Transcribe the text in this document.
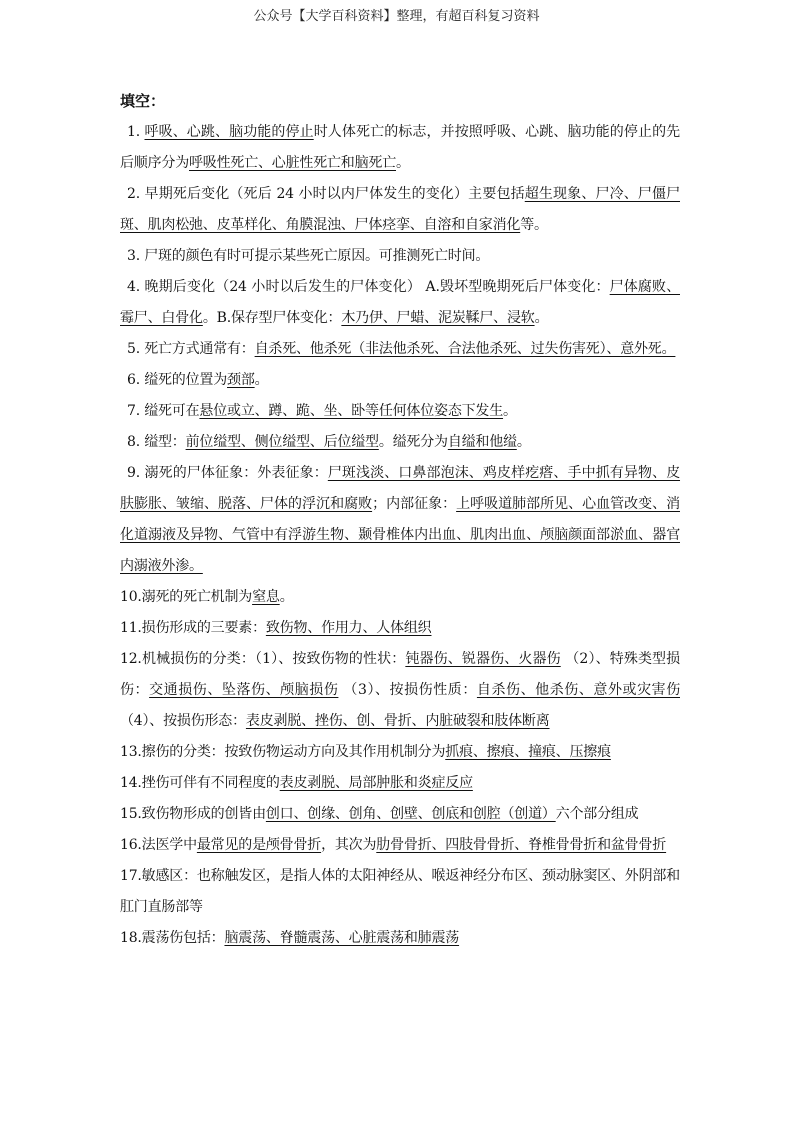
公众号【大学百科资料】整理，有超百科复习资料
填空：

1. 呼吸、心跳、脑功能的停止时人体死亡的标志，并按照呼吸、心跳、脑功能的停止的先后顺序分为呼吸性死亡、心脏性死亡和脑死亡。

2. 早期死后变化（死后 24 小时以内尸体发生的变化）主要包括超生现象、尸冷、尸僵尸斑、肌肉松弛、皮革样化、角膜混浊、尸体痉挛、自溶和自家消化等。

3. 尸斑的颜色有时可提示某些死亡原因。可推测死亡时间。

4. 晚期后变化（24 小时以后发生的尸体变化） A.毁坏型晚期死后尸体变化：尸体腐败、霉尸、白骨化。B.保存型尸体变化：木乃伊、尸蜡、泥炭鞣尸、浸软。

5. 死亡方式通常有：自杀死、他杀死（非法他杀死、合法他杀死、过失伤害死）、意外死。

6. 缢死的位置为颈部。

7. 缢死可在悬位或立、蹲、跪、坐、卧等任何体位姿态下发生。

8. 缢型：前位缢型、侧位缢型、后位缢型。缢死分为自缢和他缢。

9. 溺死的尸体征象：外表征象：尸斑浅淡、口鼻部泡沫、鸡皮样疙瘩、手中抓有异物、皮肤膨胀、皱缩、脱落、尸体的浮沉和腐败；内部征象：上呼吸道肺部所见、心血管改变、消化道溺液及异物、气管中有浮游生物、颞骨椎体内出血、肌肉出血、颅脑颜面部淤血、器官内溺液外渗。

10.溺死的死亡机制为窒息。

11.损伤形成的三要素：致伤物、作用力、人体组织

12.机械损伤的分类：（1）、按致伤物的性状：钝器伤、锐器伤、火器伤 （2）、特殊类型损伤：交通损伤、坠落伤、颅脑损伤 （3）、按损伤性质：自杀伤、他杀伤、意外或灾害伤 （4）、按损伤形态：表皮剥脱、挫伤、创、骨折、内脏破裂和肢体断离

13.擦伤的分类：按致伤物运动方向及其作用机制分为抓痕、擦痕、撞痕、压擦痕

14.挫伤可伴有不同程度的表皮剥脱、局部肿胀和炎症反应

15.致伤物形成的创皆由创口、创缘、创角、创壁、创底和创腔（创道）六个部分组成

16.法医学中最常见的是颅骨骨折，其次为肋骨骨折、四肢骨骨折、脊椎骨骨折和盆骨骨折

17.敏感区：也称触发区，是指人体的太阳神经从、喉返神经分布区、颈动脉窦区、外阴部和肛门直肠部等

18.震荡伤包括：脑震荡、脊髓震荡、心脏震荡和肺震荡
